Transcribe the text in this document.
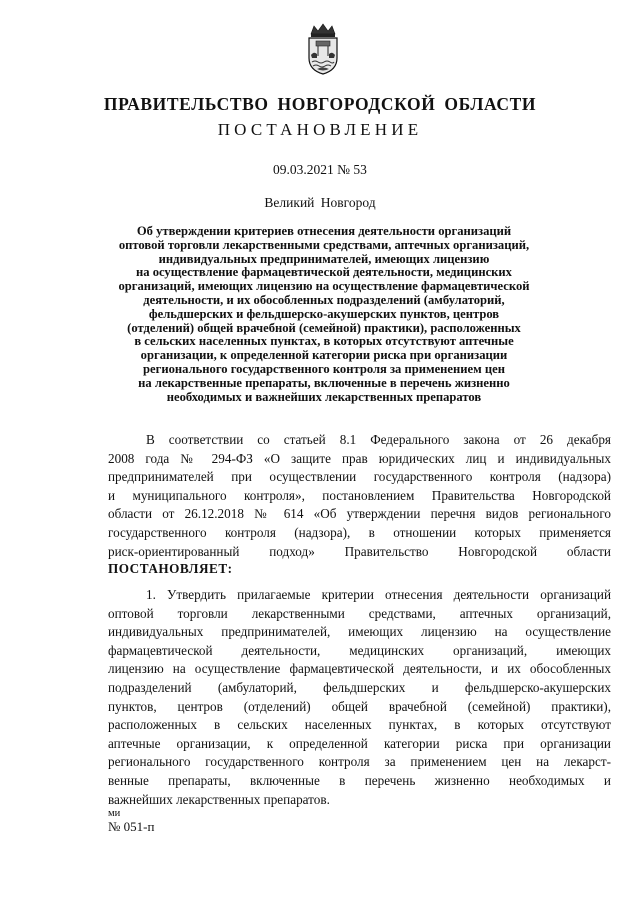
ПРАВИТЕЛЬСТВО НОВГОРОДСКОЙ ОБЛАСТИ
ПОСТАНОВЛЕНИЕ
09.03.2021 № 53
Великий Новгород
Об утверждении критериев отнесения деятельности организаций
оптовой торговли лекарственными средствами, аптечных организаций,
индивидуальных предпринимателей, имеющих лицензию
на осуществление фармацевтической деятельности, медицинских
организаций, имеющих лицензию на осуществление фармацевтической
деятельности, и их обособленных подразделений (амбулаторий,
фельдшерских и фельдшерско-акушерских пунктов, центров
(отделений) общей врачебной (семейной) практики), расположенных
в сельских населенных пунктах, в которых отсутствуют аптечные
организации, к определенной категории риска при организации
регионального государственного контроля за применением цен
на лекарственные препараты, включенные в перечень жизненно
необходимых и важнейших лекарственных препаратов
В соответствии со статьей 8.1 Федерального закона от 26 декабря
2008 года № 294-ФЗ «О защите прав юридических лиц и индивидуальных
предпринимателей при осуществлении государственного контроля (надзора)
и муниципального контроля», постановлением Правительства Новгородской
области от 26.12.2018 № 614 «Об утверждении перечня видов регионального
государственного контроля (надзора), в отношении которых применяется
риск-ориентированный подход» Правительство Новгородской области
ПОСТАНОВЛЯЕТ:
1. Утвердить прилагаемые критерии отнесения деятельности организаций
оптовой торговли лекарственными средствами, аптечных организаций,
индивидуальных предпринимателей, имеющих лицензию на осуществление
фармацевтической деятельности, медицинских организаций, имеющих
лицензию на осуществление фармацевтической деятельности, и их обособленных
подразделений (амбулаторий, фельдшерских и фельдшерско-акушерских
пунктов, центров (отделений) общей врачебной (семейной) практики),
расположенных в сельских населенных пунктах, в которых отсутствуют
аптечные организации, к определенной категории риска при организации
регионального государственного контроля за применением цен на лекарст-
венные препараты, включенные в перечень жизненно необходимых и
важнейших лекарственных препаратов.
ми
№ 051-п
